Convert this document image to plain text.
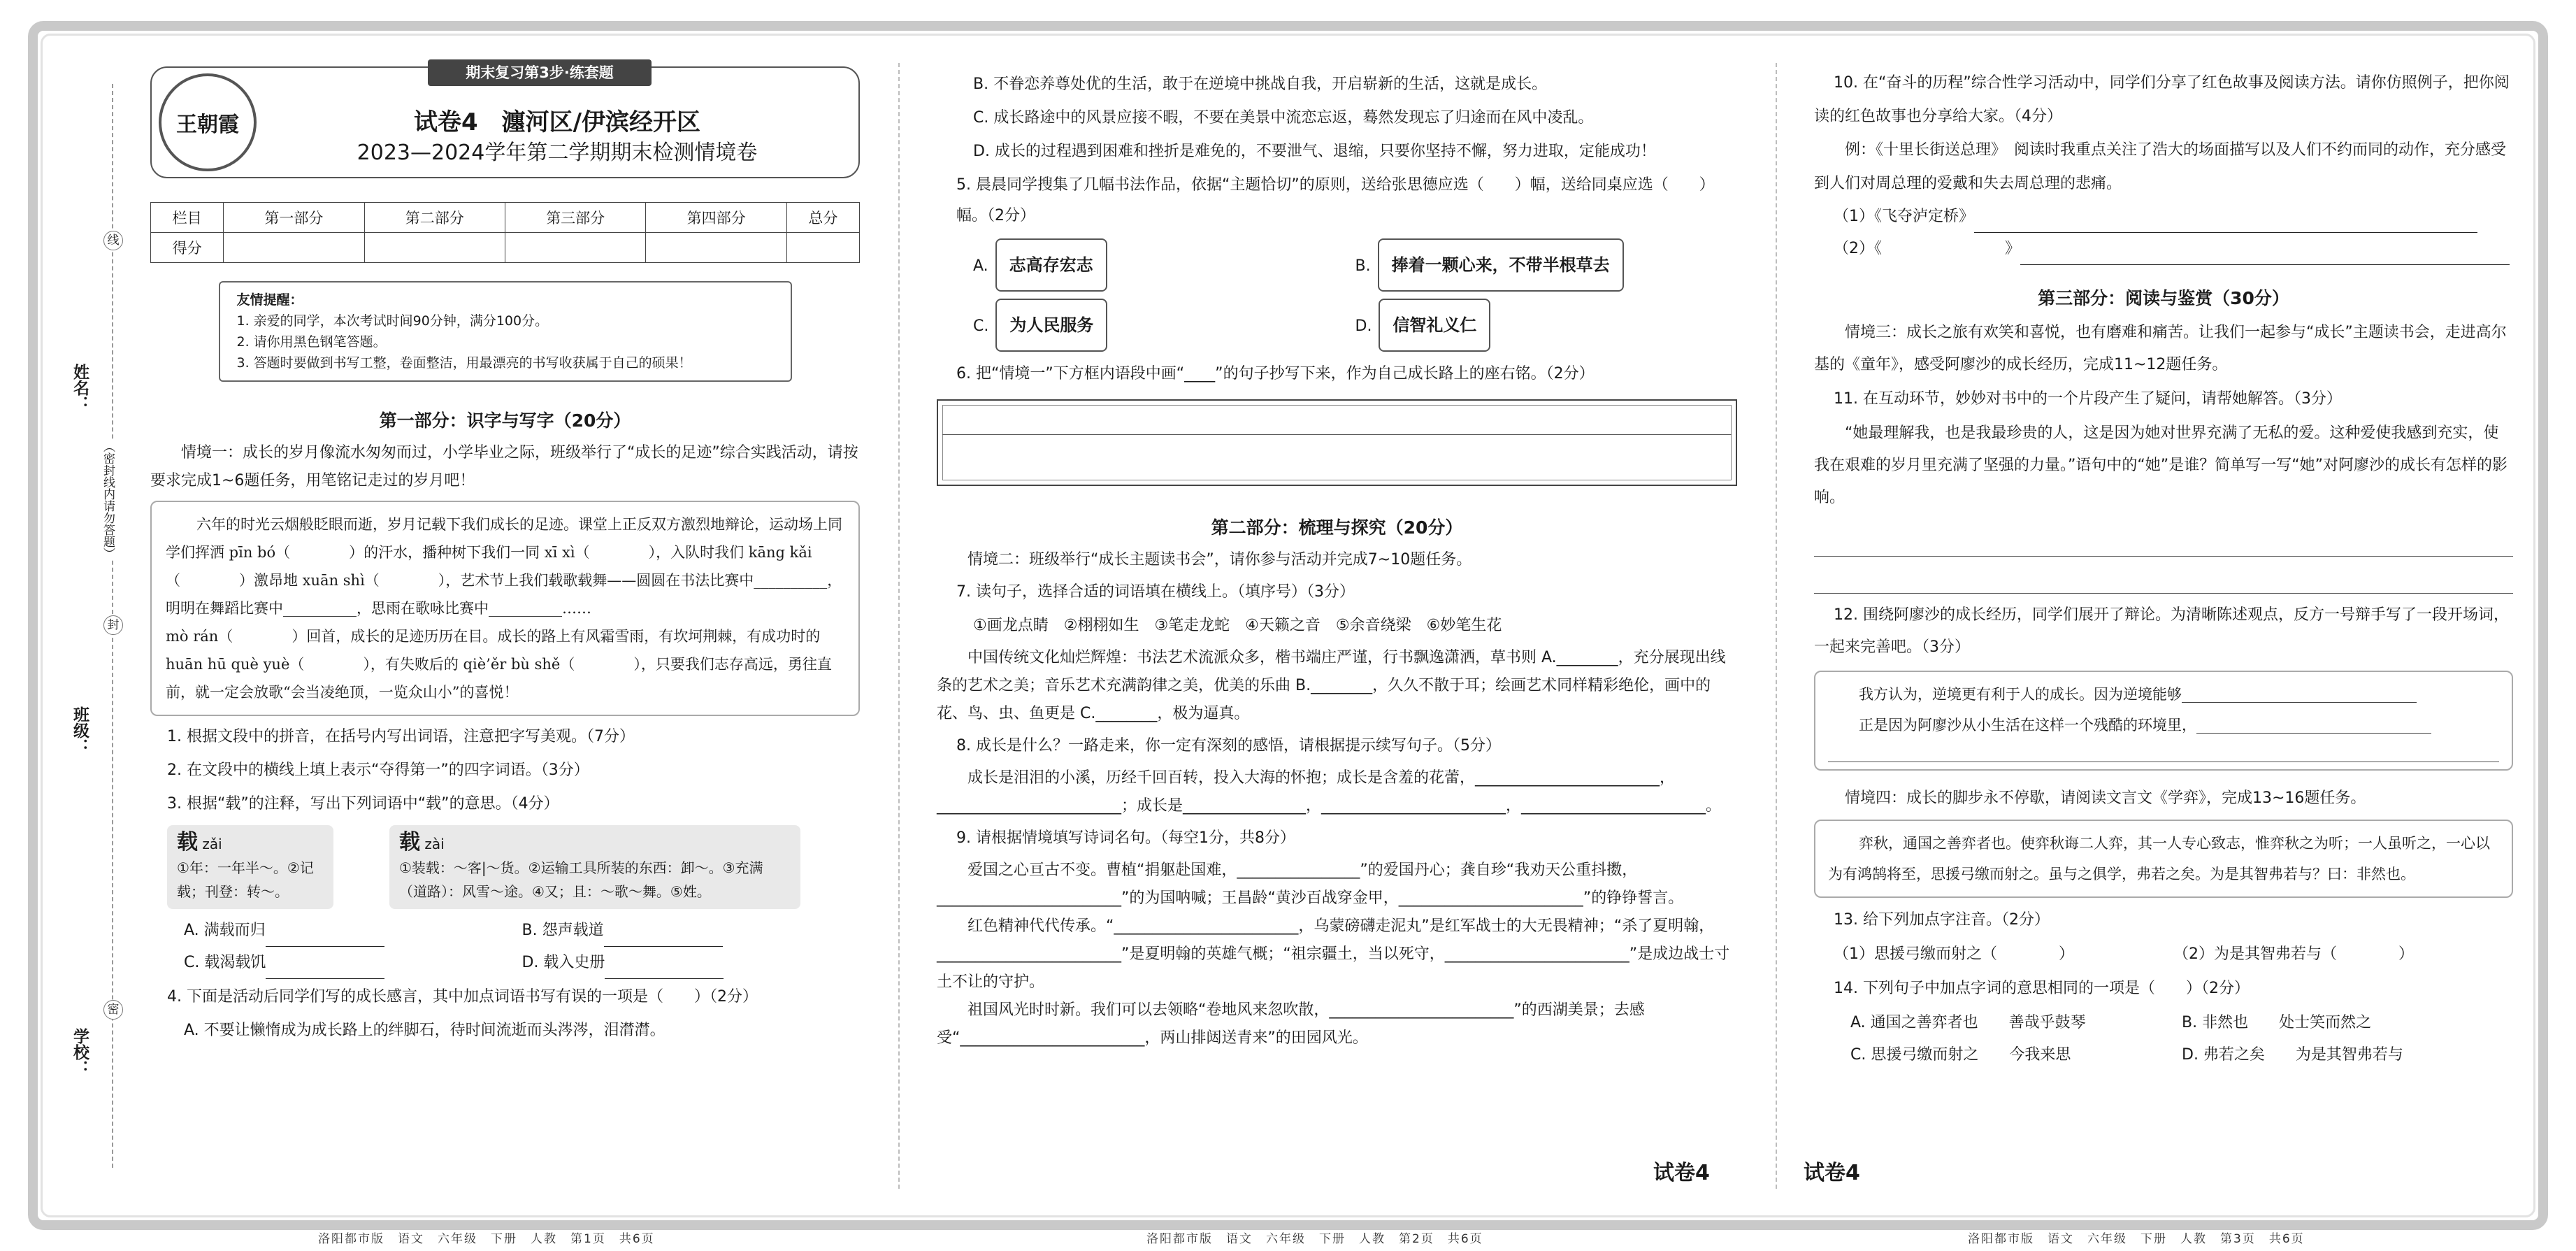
线
封
密
（密封线内请勿答题）
姓名：
班级：
学校：
期末复习第3步·练套题
王朝霞	试卷4　瀍河区/伊滨经开区
2023—2024学年第二学期期末检测情境卷
栏目	第一部分	第二部分	第三部分	第四部分	总分
得分					
友情提醒：
1. 亲爱的同学，本次考试时间90分钟，满分100分。
2. 请你用黑色钢笔答题。
3. 答题时要做到书写工整，卷面整洁，用最漂亮的书写收获属于自己的硕果！
第一部分：识字与写字（20分）
情境一：成长的岁月像流水匆匆而过，小学毕业之际，班级举行了“成长的足迹”综合实践活动，请按要求完成1~6题任务，用笔铭记走过的岁月吧！
六年的时光云烟般眨眼而逝，岁月记载下我们成长的足迹。课堂上正反双方激烈地辩论，运动场上同学们挥洒 pīn bó（　　　　）的汗水，播种树下我们一同 xī xì（　　　　），入队时我们 kāng kǎi（　　　　）激昂地 xuān shì（　　　　），艺术节上我们载歌载舞——圆圆在书法比赛中__________，明明在舞蹈比赛中__________，思雨在歌咏比赛中__________……
mò rán（　　　　）回首，成长的足迹历历在目。成长的路上有风霜雪雨，有坎坷荆棘，有成功时的 huān hū què yuè（　　　　），有失败后的 qiè’ěr bù shě（　　　　），只要我们志存高远，勇往直前，就一定会放歌“会当凌绝顶，一览众山小”的喜悦！
1. 根据文段中的拼音，在括号内写出词语，注意把字写美观。（7分）
2. 在文段中的横线上填上表示“夺得第一”的四字词语。（3分）
3. 根据“载”的注释，写出下列词语中“载”的意思。（4分）
载 zǎi
①年：一年半～。②记载；刊登：转～。
载 zài
①装载：～客|～货。②运输工具所装的东西：卸～。③充满（道路）：风雪～途。④又；且：～歌～舞。⑤姓。
A. 满载而归	B. 怨声载道
C. 载渴载饥	D. 载入史册
4. 下面是活动后同学们写的成长感言，其中加点词语书写有误的一项是（　　）（2分）
A. 不要让懒惰成为成长路上的绊脚石，待时间流逝而头涔涔，泪潸潸。
洛阳都市版　语文　六年级　下册　人教　第1页　共6页
B. 不眷恋养尊处优的生活，敢于在逆境中挑战自我，开启崭新的生活，这就是成长。
C. 成长路途中的风景应接不暇，不要在美景中流恋忘返，蓦然发现忘了归途而在风中凌乱。
D. 成长的过程遇到困难和挫折是难免的，不要泄气、退缩，只要你坚持不懈，努力进取，定能成功！
5. 晨晨同学搜集了几幅书法作品，依据“主题恰切”的原则，送给张思德应选（　　）幅，送给同桌应选（　　）幅。（2分）
A. 志高存宏志	B. 捧着一颗心来，不带半根草去
C. 为人民服务	D. 信智礼义仁
6. 把“情境一”下方框内语段中画“____”的句子抄写下来，作为自己成长路上的座右铭。（2分）
第二部分：梳理与探究（20分）
情境二：班级举行“成长主题读书会”，请你参与活动并完成7~10题任务。
7. 读句子，选择合适的词语填在横线上。（填序号）（3分）
①画龙点睛　②栩栩如生　③笔走龙蛇　④天籁之音　⑤余音绕梁　⑥妙笔生花
中国传统文化灿烂辉煌：书法艺术流派众多，楷书端庄严谨，行书飘逸潇洒，草书则 A.________，充分展现出线条的艺术之美；音乐艺术充满韵律之美，优美的乐曲 B.________，久久不散于耳；绘画艺术同样精彩绝伦，画中的花、鸟、虫、鱼更是 C.________，极为逼真。
8. 成长是什么？一路走来，你一定有深刻的感悟，请根据提示续写句子。（5分）
成长是泪泪的小溪，历经千回百转，投入大海的怀抱；成长是含羞的花蕾，________________________，________________________；成长是________________，________________________，________________________。
9. 请根据情境填写诗词名句。（每空1分，共8分）
爱国之心亘古不变。曹植“捐躯赴国难，________________”的爱国丹心；龚自珍“我劝天公重抖擞，________________________”的为国呐喊；王昌龄“黄沙百战穿金甲，________________________”的铮铮誓言。
红色精神代代传承。“________________________，乌蒙磅礴走泥丸”是红军战士的大无畏精神；“杀了夏明翰，________________________”是夏明翰的英雄气概；“祖宗疆土，当以死守，________________________”是成边战士寸土不让的守护。
祖国风光时时新。我们可以去领略“卷地风来忽吹散，________________________”的西湖美景；去感受“________________________，两山排闼送青来”的田园风光。
洛阳都市版　语文　六年级　下册　人教　第2页　共6页
试卷4	试卷4
10. 在“奋斗的历程”综合性学习活动中，同学们分享了红色故事及阅读方法。请你仿照例子，把你阅读的红色故事也分享给大家。（4分）
例：《十里长街送总理》　阅读时我重点关注了浩大的场面描写以及人们不约而同的动作，充分感受到人们对周总理的爱戴和失去周总理的悲痛。
（1）《飞夺泸定桥》
（2）《　　　　　　　　》
第三部分：阅读与鉴赏（30分）
情境三：成长之旅有欢笑和喜悦，也有磨难和痛苦。让我们一起参与“成长”主题读书会，走进高尔基的《童年》，感受阿廖沙的成长经历，完成11~12题任务。
11. 在互动环节，妙妙对书中的一个片段产生了疑问，请帮她解答。（3分）
“她最理解我，也是我最珍贵的人，这是因为她对世界充满了无私的爱。这种爱使我感到充实，使我在艰难的岁月里充满了坚强的力量。”语句中的“她”是谁？简单写一写“她”对阿廖沙的成长有怎样的影响。
12. 围绕阿廖沙的成长经历，同学们展开了辩论。为清晰陈述观点，反方一号辩手写了一段开场词，一起来完善吧。（3分）
我方认为，逆境更有利于人的成长。因为逆境能够________________________________
正是因为阿廖沙从小生活在这样一个残酷的环境里，________________________________
情境四：成长的脚步永不停歇，请阅读文言文《学弈》，完成13~16题任务。
弈秋，通国之善弈者也。使弈秋诲二人弈，其一人专心致志，惟弈秋之为听；一人虽听之，一心以为有鸿鹄将至，思援弓缴而射之。虽与之俱学，弗若之矣。为是其智弗若与？曰：非然也。
13. 给下列加点字注音。（2分）
（1）思援弓缴而射之（　　　　）	（2）为是其智弗若与（　　　　）
14. 下列句子中加点字词的意思相同的一项是（　　）（2分）
A. 通国之善弈者也　　善哉乎鼓琴	B. 非然也　　处士笑而然之
C. 思援弓缴而射之　　今我来思	D. 弗若之矣　　为是其智弗若与
洛阳都市版　语文　六年级　下册　人教　第3页　共6页
